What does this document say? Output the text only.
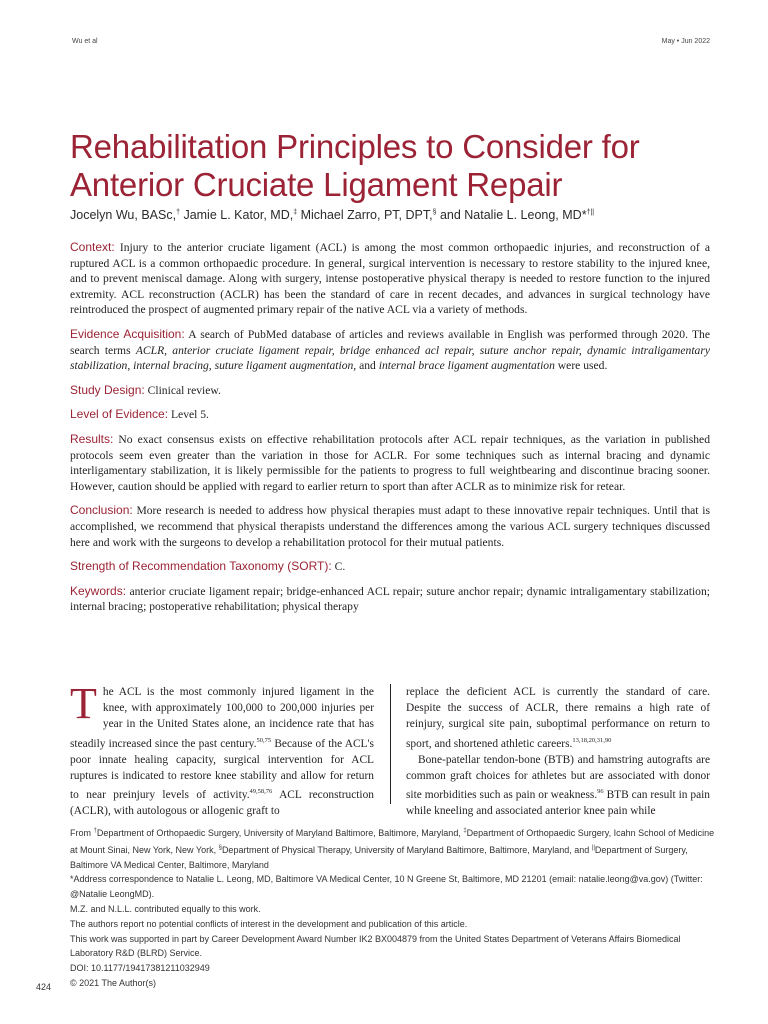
Wu et al	May • Jun 2022
Rehabilitation Principles to Consider for Anterior Cruciate Ligament Repair
Jocelyn Wu, BASc,† Jamie L. Kator, MD,‡ Michael Zarro, PT, DPT,§ and Natalie L. Leong, MD*†||

Context: Injury to the anterior cruciate ligament (ACL) is among the most common orthopaedic injuries, and reconstruction of a ruptured ACL is a common orthopaedic procedure. In general, surgical intervention is necessary to restore stability to the injured knee, and to prevent meniscal damage. Along with surgery, intense postoperative physical therapy is needed to restore function to the injured extremity. ACL reconstruction (ACLR) has been the standard of care in recent decades, and advances in surgical technology have reintroduced the prospect of augmented primary repair of the native ACL via a variety of methods.

Evidence Acquisition: A search of PubMed database of articles and reviews available in English was performed through 2020. The search terms ACLR, anterior cruciate ligament repair, bridge enhanced acl repair, suture anchor repair, dynamic intraligamentary stabilization, internal bracing, suture ligament augmentation, and internal brace ligament augmentation were used.

Study Design: Clinical review.

Level of Evidence: Level 5.

Results: No exact consensus exists on effective rehabilitation protocols after ACL repair techniques, as the variation in published protocols seem even greater than the variation in those for ACLR. For some techniques such as internal bracing and dynamic interligamentary stabilization, it is likely permissible for the patients to progress to full weightbearing and discontinue bracing sooner. However, caution should be applied with regard to earlier return to sport than after ACLR as to minimize risk for retear.

Conclusion: More research is needed to address how physical therapies must adapt to these innovative repair techniques. Until that is accomplished, we recommend that physical therapists understand the differences among the various ACL surgery techniques discussed here and work with the surgeons to develop a rehabilitation protocol for their mutual patients.

Strength of Recommendation Taxonomy (SORT): C.

Keywords: anterior cruciate ligament repair; bridge-enhanced ACL repair; suture anchor repair; dynamic intraligamentary stabilization; internal bracing; postoperative rehabilitation; physical therapy

The ACL is the most commonly injured ligament in the knee, with approximately 100,000 to 200,000 injuries per year in the United States alone, an incidence rate that has steadily increased since the past century.$^{50,75}$ Because of the ACL's poor innate healing capacity, surgical intervention for ACL ruptures is indicated to restore knee stability and allow for return to near preinjury levels of activity.$^{49,58,76}$ ACL reconstruction (ACLR), with autologous or allogenic graft to

replace the deficient ACL is currently the standard of care. Despite the success of ACLR, there remains a high rate of reinjury, surgical site pain, suboptimal performance on return to sport, and shortened athletic careers.$^{13,18,20,31,90}$

Bone-patellar tendon-bone (BTB) and hamstring autografts are common graft choices for athletes but are associated with donor site morbidities such as pain or weakness.$^{96}$ BTB can result in pain while kneeling and associated anterior knee pain while

From †Department of Orthopaedic Surgery, University of Maryland Baltimore, Baltimore, Maryland, ‡Department of Orthopaedic Surgery, Icahn School of Medicine at Mount Sinai, New York, New York, §Department of Physical Therapy, University of Maryland Baltimore, Baltimore, Maryland, and ||Department of Surgery, Baltimore VA Medical Center, Baltimore, Maryland

*Address correspondence to Natalie L. Leong, MD, Baltimore VA Medical Center, 10 N Greene St, Baltimore, MD 21201 (email: natalie.leong@va.gov) (Twitter: @Natalie LeongMD).

M.Z. and N.L.L. contributed equally to this work.

The authors report no potential conflicts of interest in the development and publication of this article.

This work was supported in part by Career Development Award Number IK2 BX004879 from the United States Department of Veterans Affairs Biomedical Laboratory R&D (BLRD) Service.

DOI: 10.1177/19417381211032949

© 2021 The Author(s)

424
